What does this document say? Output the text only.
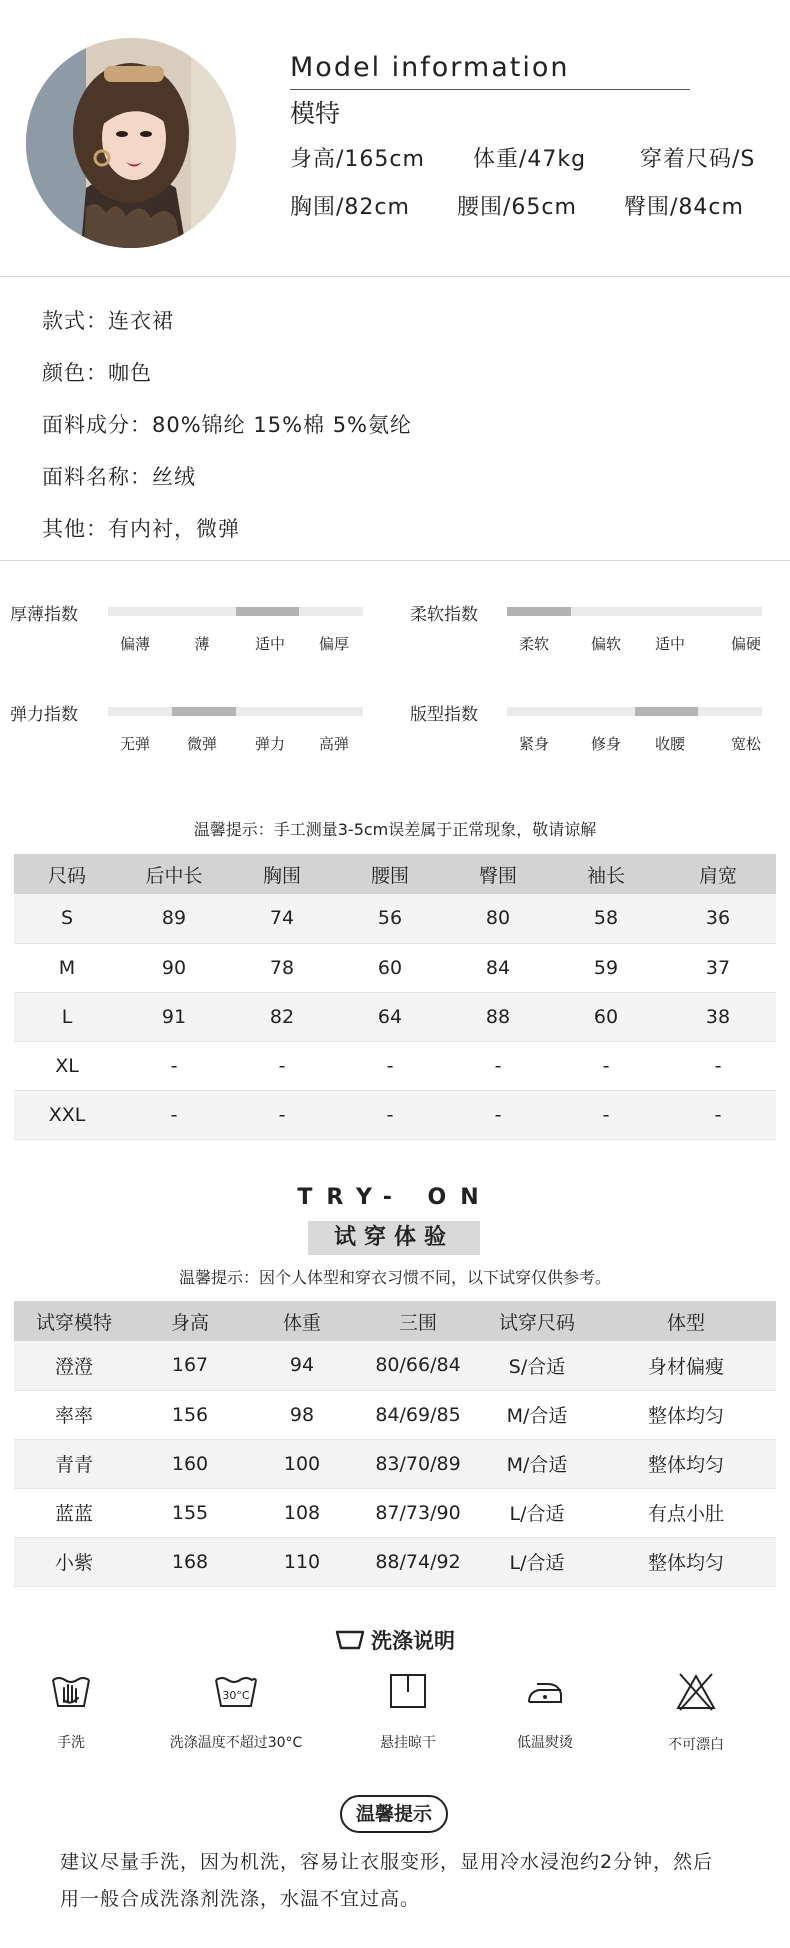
Model information
模特
身高/165cm 体重/47kg 穿着尺码/S
胸围/82cm 腰围/65cm 臀围/84cm
款式：连衣裙
颜色：咖色
面料成分：80%锦纶 15%棉 5%氨纶
面料名称：丝绒
其他：有内衬，微弹
厚薄指数
偏薄	薄	适中 偏厚
柔软指数
柔软	偏软 适中	偏硬
弹力指数
无弹 微弹	弹力 高弹
版型指数
紧身	修身 收腰	宽松
温馨提示：手工测量3-5cm误差属于正常现象，敬请谅解
尺码	后中长	胸围	腰围	臀围	袖长	肩宽
S	89	74	56	80	58	36
M	90	78	60	84	59	37
L	91	82	64	88	60	38
XL	-	-	-	-	-	-
XXL	-	-	-	-	-	-
TRY- ON
试穿体验
温馨提示：因个人体型和穿衣习惯不同，以下试穿仅供参考。
试穿模特	身高	体重	三围	试穿尺码	体型
澄澄	167	94	80/66/84	S/合适	身材偏瘦
率率	156	98	84/69/85	M/合适	整体均匀
青青	160	100	83/70/89	M/合适	整体均匀
蓝蓝	155	108	87/73/90	L/合适	有点小肚
小紫	168	110	88/74/92	L/合适	整体均匀
洗涤说明
手洗
30°C
洗涤温度不超过30°C	悬挂晾干	低温熨烫	不可漂白
温馨提示
建议尽量手洗，因为机洗，容易让衣服变形，显用冷水浸泡约2分钟，然后
用一般合成洗涤剂洗涤，水温不宜过高。
